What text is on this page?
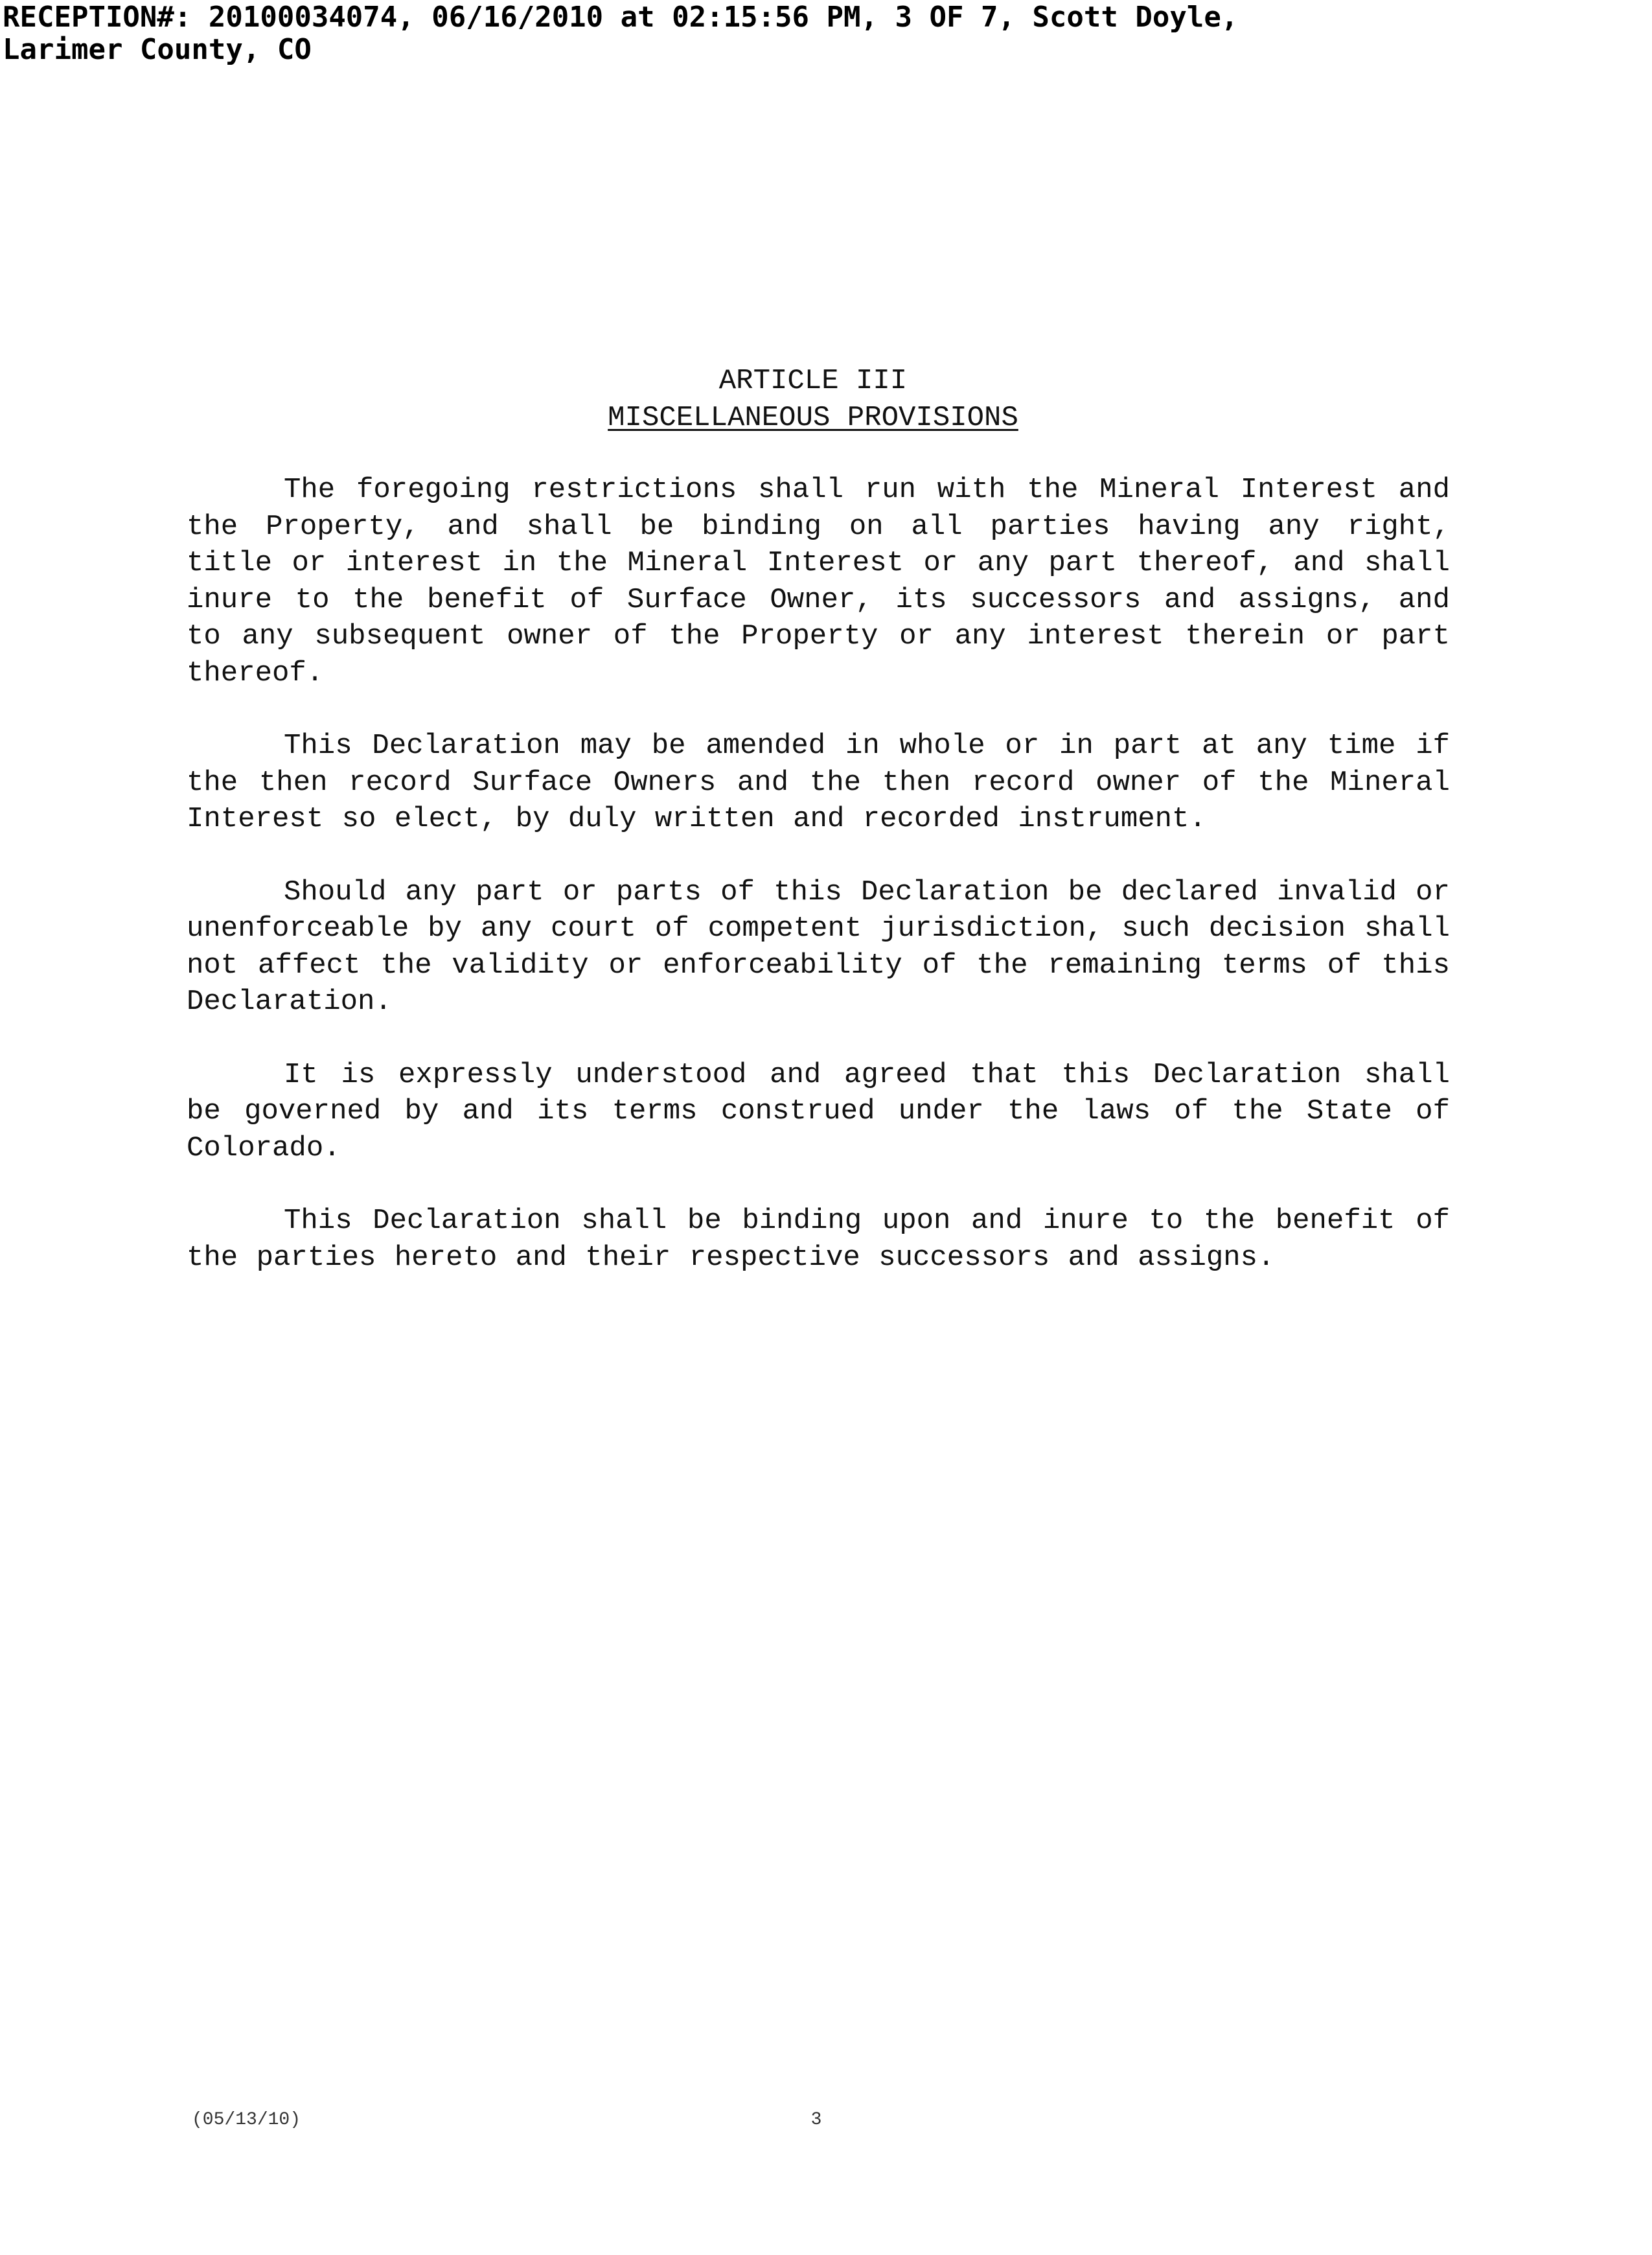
RECEPTION#: 20100034074, 06/16/2010 at 02:15:56 PM, 3 OF 7, Scott Doyle,
Larimer County, CO
ARTICLE III
MISCELLANEOUS PROVISIONS

The foregoing restrictions shall run with the Mineral Interest and the Property, and shall be binding on all parties having any right, title or interest in the Mineral Interest or any part thereof, and shall inure to the benefit of Surface Owner, its successors and assigns, and to any subsequent owner of the Property or any interest therein or part thereof.

This Declaration may be amended in whole or in part at any time if the then record Surface Owners and the then record owner of the Mineral Interest so elect, by duly written and recorded instrument.

Should any part or parts of this Declaration be declared invalid or unenforceable by any court of competent jurisdiction, such decision shall not affect the validity or enforceability of the remaining terms of this Declaration.

It is expressly understood and agreed that this Declaration shall be governed by and its terms construed under the laws of the State of Colorado.

This Declaration shall be binding upon and inure to the benefit of the parties hereto and their respective successors and assigns.

(05/13/10)	3
